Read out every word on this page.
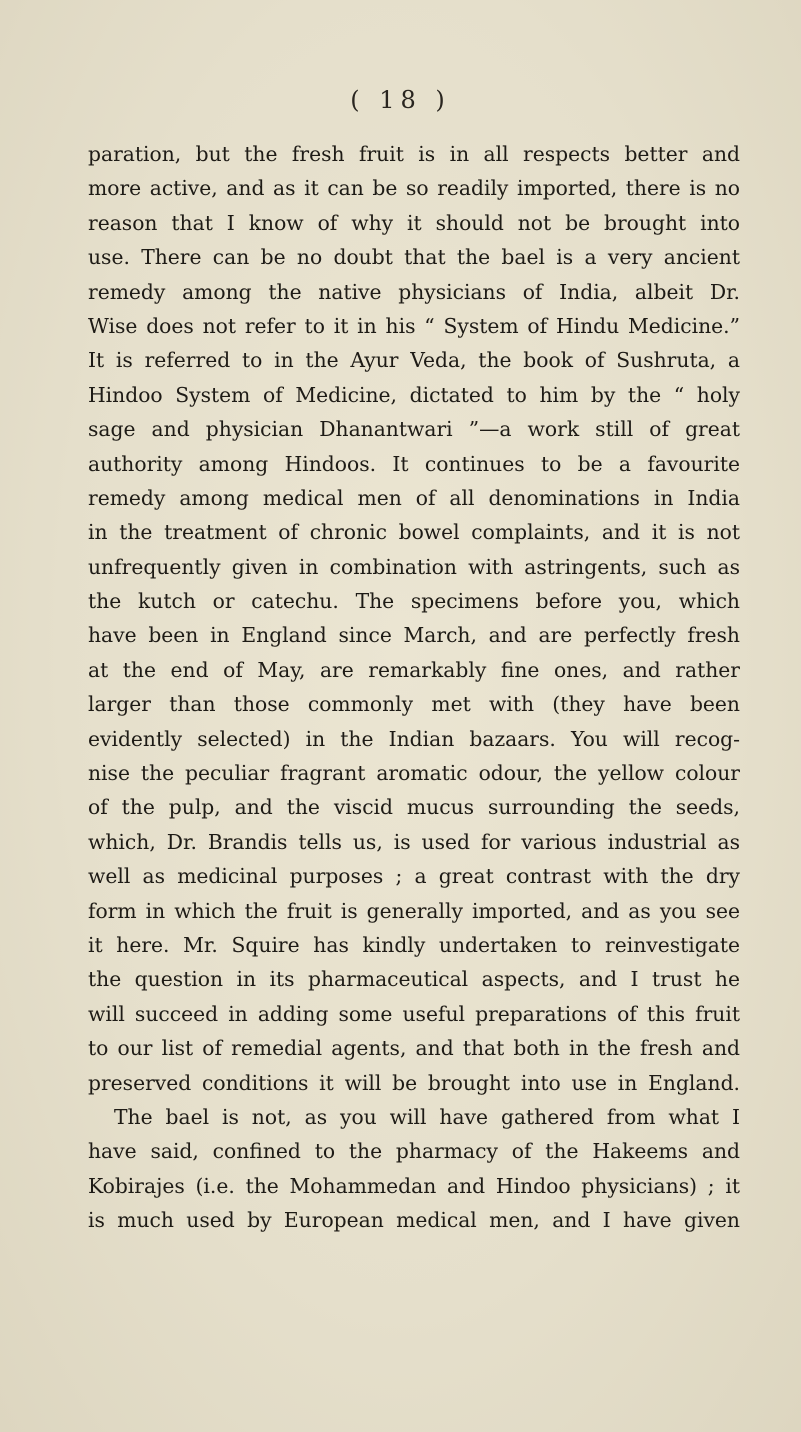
( 18 )
paration, but the fresh fruit is in all respects better and
more active, and as it can be so readily imported, there is no
reason that I know of why it should not be brought into
use. There can be no doubt that the bael is a very ancient
remedy among the native physicians of India, albeit Dr.
Wise does not refer to it in his “ System of Hindu Medicine.”
It is referred to in the Ayur Veda, the book of Sushruta, a
Hindoo System of Medicine, dictated to him by the “ holy
sage and physician Dhanantwari ”—a work still of great
authority among Hindoos. It continues to be a favourite
remedy among medical men of all denominations in India
in the treatment of chronic bowel complaints, and it is not
unfrequently given in combination with astringents, such as
the kutch or catechu. The specimens before you, which
have been in England since March, and are perfectly fresh
at the end of May, are remarkably fine ones, and rather
larger than those commonly met with (they have been
evidently selected) in the Indian bazaars. You will recog-
nise the peculiar fragrant aromatic odour, the yellow colour
of the pulp, and the viscid mucus surrounding the seeds,
which, Dr. Brandis tells us, is used for various industrial as
well as medicinal purposes ; a great contrast with the dry
form in which the fruit is generally imported, and as you see
it here. Mr. Squire has kindly undertaken to reinvestigate
the question in its pharmaceutical aspects, and I trust he
will succeed in adding some useful preparations of this fruit
to our list of remedial agents, and that both in the fresh and
preserved conditions it will be brought into use in England.
The bael is not, as you will have gathered from what I
have said, confined to the pharmacy of the Hakeems and
Kobirajes (i.e. the Mohammedan and Hindoo physicians) ; it
is much used by European medical men, and I have given
